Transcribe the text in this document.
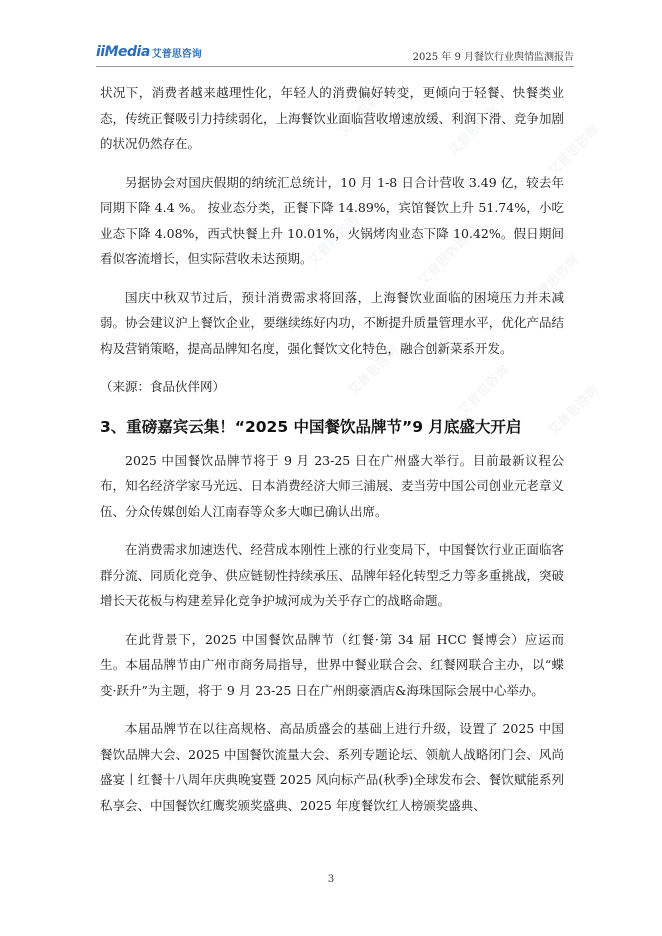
艾普思咨询	艾普思咨询	艾普思咨询
艾普思咨询	艾普思咨询	艾普思咨询
艾普思咨询	艾普思咨询	艾普思咨询
iiMedia 艾普思咨询	2025 年 9 月餐饮行业舆情监测报告

状况下，消费者越来越理性化，年轻人的消费偏好转变，更倾向于轻餐、快餐类业态，传统正餐吸引力持续弱化，上海餐饮业面临营收增速放缓、利润下滑、竞争加剧的状况仍然存在。

另据协会对国庆假期的纳统汇总统计，10 月 1-8 日合计营收 3.49 亿，较去年同期下降 4.4 %。 按业态分类，正餐下降 14.89%，宾馆餐饮上升 51.74%，小吃业态下降 4.08%，西式快餐上升 10.01%，火锅烤肉业态下降 10.42%。假日期间看似客流增长，但实际营收未达预期。

国庆中秋双节过后，预计消费需求将回落，上海餐饮业面临的困境压力并未减弱。协会建议沪上餐饮企业，要继续练好内功，不断提升质量管理水平，优化产品结构及营销策略，提高品牌知名度，强化餐饮文化特色，融合创新菜系开发。

（来源：食品伙伴网）

3、重磅嘉宾云集！“2025 中国餐饮品牌节”9 月底盛大开启

2025 中国餐饮品牌节将于 9 月 23-25 日在广州盛大举行。目前最新议程公布，知名经济学家马光远、日本消费经济大师三浦展、麦当劳中国公司创业元老章义伍、分众传媒创始人江南春等众多大咖已确认出席。

在消费需求加速迭代、经营成本刚性上涨的行业变局下，中国餐饮行业正面临客群分流、同质化竞争、供应链韧性持续承压、品牌年轻化转型乏力等多重挑战，突破增长天花板与构建差异化竞争护城河成为关乎存亡的战略命题。

在此背景下，2025 中国餐饮品牌节（红餐·第 34 届 HCC 餐博会）应运而生。本届品牌节由广州市商务局指导，世界中餐业联合会、红餐网联合主办，以“蝶变·跃升”为主题，将于 9 月 23-25 日在广州朗豪酒店&海珠国际会展中心举办。

本届品牌节在以往高规格、高品质盛会的基础上进行升级，设置了 2025 中国餐饮品牌大会、2025 中国餐饮流量大会、系列专题论坛、领航人战略闭门会、风尚盛宴丨红餐十八周年庆典晚宴暨 2025 风向标产品(秋季)全球发布会、餐饮赋能系列私享会、中国餐饮红鹰奖颁奖盛典、2025 年度餐饮红人榜颁奖盛典、

3
